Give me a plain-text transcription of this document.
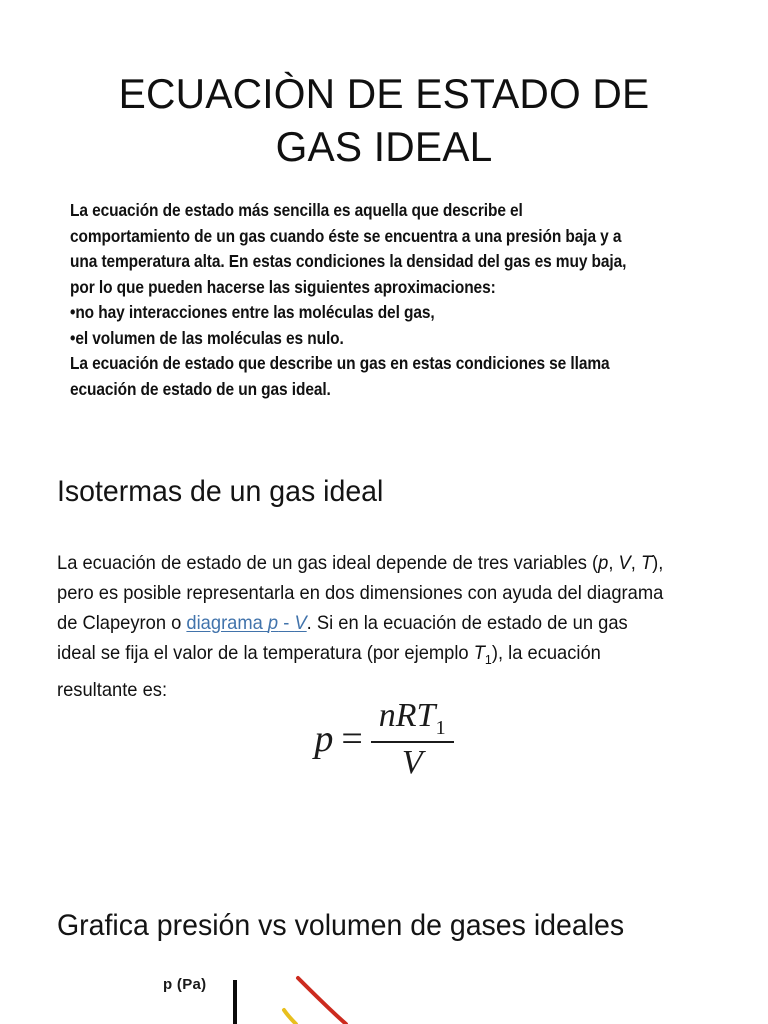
ECUACIÒN DE ESTADO DE GAS IDEAL

La ecuación de estado más sencilla es aquella que describe el comportamiento de un gas cuando éste se encuentra a una presión baja y a una temperatura alta. En estas condiciones la densidad del gas es muy baja, por lo que pueden hacerse las siguientes aproximaciones:

•no hay interacciones entre las moléculas del gas,

•el volumen de las moléculas es nulo.

La ecuación de estado que describe un gas en estas condiciones se llama ecuación de estado de un gas ideal.

Isotermas de un gas ideal

La ecuación de estado de un gas ideal depende de tres variables (p, V, T), pero es posible representarla en dos dimensiones con ayuda del diagrama de Clapeyron o diagrama p - V. Si en la ecuación de estado de un gas ideal se fija el valor de la temperatura (por ejemplo $T_1$), la ecuación resultante es:

$p = \frac{nRT_1}{V}$
Grafica presión vs volumen de gases ideales
p (Pa)
